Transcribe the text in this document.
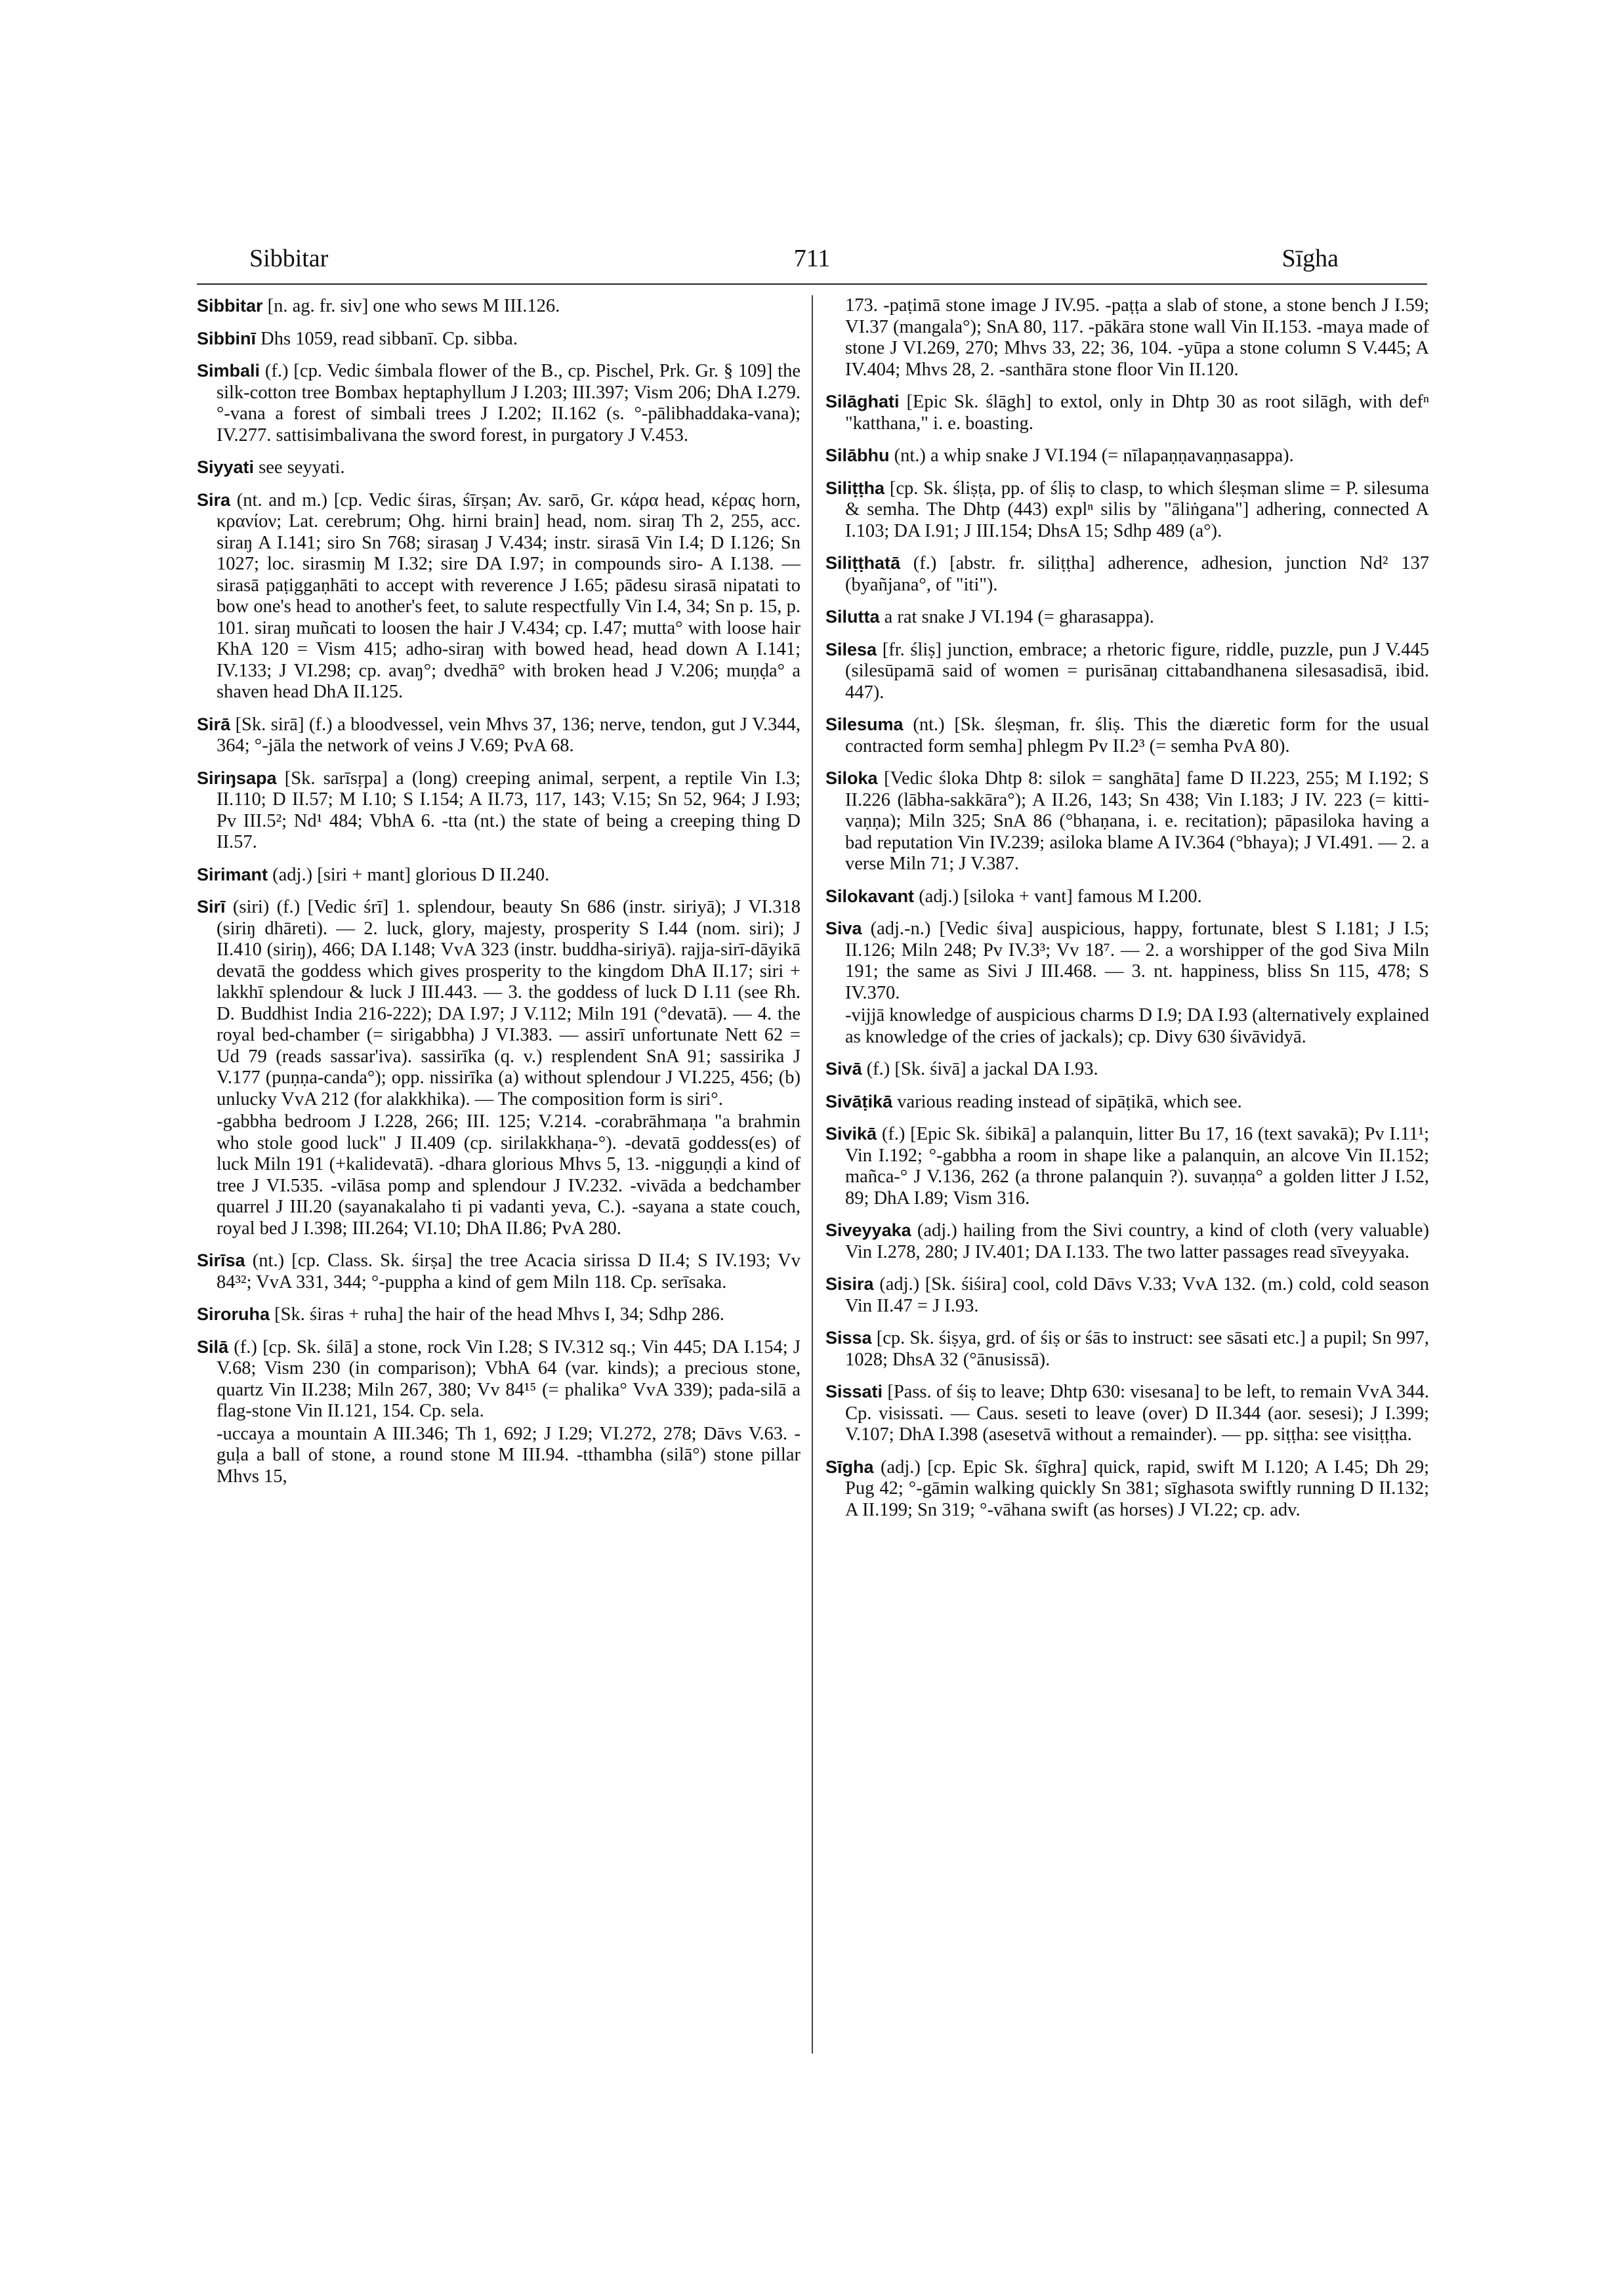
Sibbitar	711	Sīgha
Sibbitar [n. ag. fr. siv] one who sews M III.126.
Sibbinī Dhs 1059, read sibbanī. Cp. sibba.
Simbali (f.) [cp. Vedic śimbala flower of the B., cp. Pischel, Prk. Gr. § 109] the silk-cotton tree Bombax heptaphyllum J I.203; III.397; Vism 206; DhA I.279. °-vana a forest of simbali trees J I.202; II.162 (s. °-pālibhaddaka-vana); IV.277. sattisimbalivana the sword forest, in purgatory J V.453.
Siyyati see seyyati.
Sira (nt. and m.) [cp. Vedic śiras, śīrṣan; Av. sarō, Gr. κάρα head, κέρας horn, κρανίον; Lat. cerebrum; Ohg. hirni brain] head, nom. siraŋ Th 2, 255, acc. siraŋ A I.141; siro Sn 768; sirasaŋ J V.434; instr. sirasā Vin I.4; D I.126; Sn 1027; loc. sirasmiŋ M I.32; sire DA I.97; in compounds siro- A I.138. —sirasā paṭiggaṇhāti to accept with reverence J I.65; pādesu sirasā nipatati to bow one's head to another's feet, to salute respectfully Vin I.4, 34; Sn p. 15, p. 101. siraŋ muñcati to loosen the hair J V.434; cp. I.47; mutta° with loose hair KhA 120 = Vism 415; adho-siraŋ with bowed head, head down A I.141; IV.133; J VI.298; cp. avaŋ°; dvedhā° with broken head J V.206; muṇḍa° a shaven head DhA II.125.
Sirā [Sk. sirā] (f.) a bloodvessel, vein Mhvs 37, 136; nerve, tendon, gut J V.344, 364; °-jāla the network of veins J V.69; PvA 68.
Siriŋsapa [Sk. sarīsṛpa] a (long) creeping animal, serpent, a reptile Vin I.3; II.110; D II.57; M I.10; S I.154; A II.73, 117, 143; V.15; Sn 52, 964; J I.93; Pv III.5²; Nd¹ 484; VbhA 6. -tta (nt.) the state of being a creeping thing D II.57.
Sirimant (adj.) [siri + mant] glorious D II.240.
Sirī (siri) (f.) [Vedic śrī] 1. splendour, beauty Sn 686 (instr. siriyā); J VI.318 (siriŋ dhāreti). — 2. luck, glory, majesty, prosperity S I.44 (nom. siri); J II.410 (siriŋ), 466; DA I.148; VvA 323 (instr. buddha-siriyā). rajja-sirī-dāyikā devatā the goddess which gives prosperity to the kingdom DhA II.17; siri + lakkhī splendour & luck J III.443. — 3. the goddess of luck D I.11 (see Rh. D. Buddhist India 216-222); DA I.97; J V.112; Miln 191 (°devatā). — 4. the royal bed-chamber (= sirigabbha) J VI.383. — assirī unfortunate Nett 62 = Ud 79 (reads sassar'iva). sassirīka (q. v.) resplendent SnA 91; sassirika J V.177 (puṇṇa-canda°); opp. nissirīka (a) without splendour J VI.225, 456; (b) unlucky VvA 212 (for alakkhika). — The composition form is siri°.
-gabbha bedroom J I.228, 266; III. 125; V.214. -corabrāhmaṇa "a brahmin who stole good luck" J II.409 (cp. sirilakkhaṇa-°). -devatā goddess(es) of luck Miln 191 (+kalidevatā). -dhara glorious Mhvs 5, 13. -nigguṇḍi a kind of tree J VI.535. -vilāsa pomp and splendour J IV.232. -vivāda a bedchamber quarrel J III.20 (sayanakalaho ti pi vadanti yeva, C.). -sayana a state couch, royal bed J I.398; III.264; VI.10; DhA II.86; PvA 280.
Sirīsa (nt.) [cp. Class. Sk. śirṣa] the tree Acacia sirissa D II.4; S IV.193; Vv 84³²; VvA 331, 344; °-puppha a kind of gem Miln 118. Cp. serīsaka.
Siroruha [Sk. śiras + ruha] the hair of the head Mhvs I, 34; Sdhp 286.
Silā (f.) [cp. Sk. śilā] a stone, rock Vin I.28; S IV.312 sq.; Vin 445; DA I.154; J V.68; Vism 230 (in comparison); VbhA 64 (var. kinds); a precious stone, quartz Vin II.238; Miln 267, 380; Vv 84¹⁵ (= phalika° VvA 339); pada-silā a flag-stone Vin II.121, 154. Cp. sela.
-uccaya a mountain A III.346; Th 1, 692; J I.29; VI.272, 278; Dāvs V.63. -guḷa a ball of stone, a round stone M III.94. -tthambha (silā°) stone pillar Mhvs 15,
173. -paṭimā stone image J IV.95. -paṭṭa a slab of stone, a stone bench J I.59; VI.37 (mangala°); SnA 80, 117. -pākāra stone wall Vin II.153. -maya made of stone J VI.269, 270; Mhvs 33, 22; 36, 104. -yūpa a stone column S V.445; A IV.404; Mhvs 28, 2. -santhāra stone floor Vin II.120.
Silāghati [Epic Sk. ślāgh] to extol, only in Dhtp 30 as root silāgh, with defⁿ "katthana," i. e. boasting.
Silābhu (nt.) a whip snake J VI.194 (= nīlapaṇṇavaṇṇasappa).
Siliṭṭha [cp. Sk. śliṣṭa, pp. of śliṣ to clasp, to which śleṣman slime = P. silesuma & semha. The Dhtp (443) explⁿ silis by "āliṅgana"] adhering, connected A I.103; DA I.91; J III.154; DhsA 15; Sdhp 489 (a°).
Siliṭṭhatā (f.) [abstr. fr. siliṭṭha] adherence, adhesion, junction Nd² 137 (byañjana°, of "iti").
Silutta a rat snake J VI.194 (= gharasappa).
Silesa [fr. śliṣ] junction, embrace; a rhetoric figure, riddle, puzzle, pun J V.445 (silesūpamā said of women = purisānaŋ cittabandhanena silesasadisā, ibid. 447).
Silesuma (nt.) [Sk. śleṣman, fr. śliṣ. This the diæretic form for the usual contracted form semha] phlegm Pv II.2³ (= semha PvA 80).
Siloka [Vedic śloka Dhtp 8: silok = sanghāta] fame D II.223, 255; M I.192; S II.226 (lābha-sakkāra°); A II.26, 143; Sn 438; Vin I.183; J IV. 223 (= kitti-vaṇṇa); Miln 325; SnA 86 (°bhaṇana, i. e. recitation); pāpasiloka having a bad reputation Vin IV.239; asiloka blame A IV.364 (°bhaya); J VI.491. — 2. a verse Miln 71; J V.387.
Silokavant (adj.) [siloka + vant] famous M I.200.
Siva (adj.-n.) [Vedic śiva] auspicious, happy, fortunate, blest S I.181; J I.5; II.126; Miln 248; Pv IV.3³; Vv 18⁷. — 2. a worshipper of the god Siva Miln 191; the same as Sivi J III.468. — 3. nt. happiness, bliss Sn 115, 478; S IV.370.
-vijjā knowledge of auspicious charms D I.9; DA I.93 (alternatively explained as knowledge of the cries of jackals); cp. Divy 630 śivāvidyā.
Sivā (f.) [Sk. śivā] a jackal DA I.93.
Sivāṭikā various reading instead of sipāṭikā, which see.
Sivikā (f.) [Epic Sk. śibikā] a palanquin, litter Bu 17, 16 (text savakā); Pv I.11¹; Vin I.192; °-gabbha a room in shape like a palanquin, an alcove Vin II.152; mañca-° J V.136, 262 (a throne palanquin ?). suvaṇṇa° a golden litter J I.52, 89; DhA I.89; Vism 316.
Siveyyaka (adj.) hailing from the Sivi country, a kind of cloth (very valuable) Vin I.278, 280; J IV.401; DA I.133. The two latter passages read sīveyyaka.
Sisira (adj.) [Sk. śiśira] cool, cold Dāvs V.33; VvA 132. (m.) cold, cold season Vin II.47 = J I.93.
Sissa [cp. Sk. śiṣya, grd. of śiṣ or śās to instruct: see sāsati etc.] a pupil; Sn 997, 1028; DhsA 32 (°ānusissā).
Sissati [Pass. of śiṣ to leave; Dhtp 630: visesana] to be left, to remain VvA 344. Cp. visissati. — Caus. seseti to leave (over) D II.344 (aor. sesesi); J I.399; V.107; DhA I.398 (asesetvā without a remainder). — pp. siṭṭha: see visiṭṭha.
Sīgha (adj.) [cp. Epic Sk. śīghra] quick, rapid, swift M I.120; A I.45; Dh 29; Pug 42; °-gāmin walking quickly Sn 381; sīghasota swiftly running D II.132; A II.199; Sn 319; °-vāhana swift (as horses) J VI.22; cp. adv.
